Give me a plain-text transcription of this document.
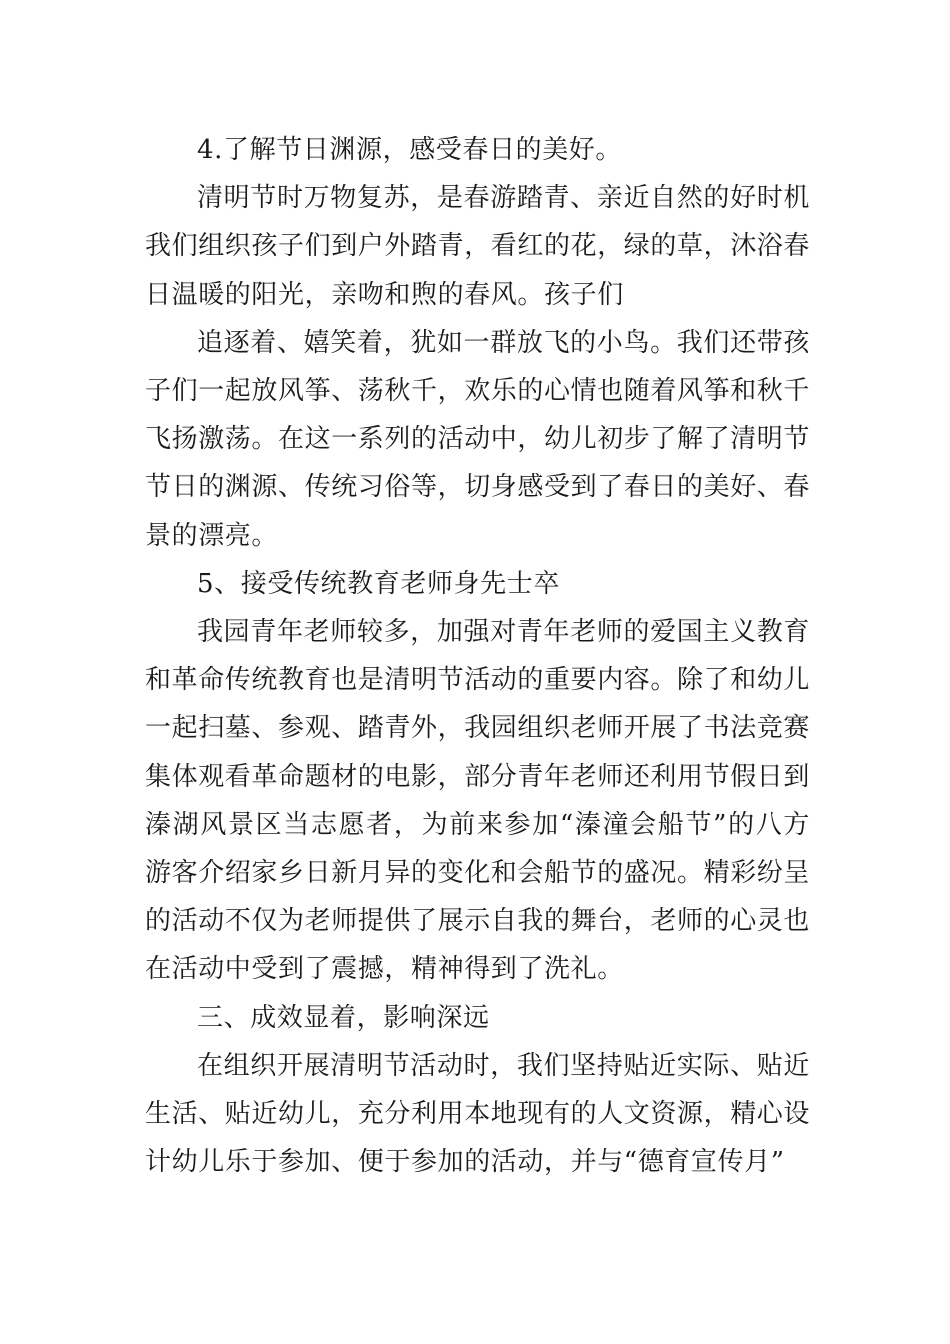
4.了解节日渊源，感受春日的美好。
清明节时万物复苏，是春游踏青、亲近自然的好时机
我们组织孩子们到户外踏青，看红的花，绿的草，沐浴春
日温暖的阳光，亲吻和煦的春风。孩子们
追逐着、嬉笑着，犹如一群放飞的小鸟。我们还带孩
子们一起放风筝、荡秋千，欢乐的心情也随着风筝和秋千
飞扬激荡。在这一系列的活动中，幼儿初步了解了清明节
节日的渊源、传统习俗等，切身感受到了春日的美好、春
景的漂亮。
5、接受传统教育老师身先士卒
我园青年老师较多，加强对青年老师的爱国主义教育
和革命传统教育也是清明节活动的重要内容。除了和幼儿
一起扫墓、参观、踏青外，我园组织老师开展了书法竞赛
集体观看革命题材的电影，部分青年老师还利用节假日到
溱湖风景区当志愿者，为前来参加“溱潼会船节”的八方
游客介绍家乡日新月异的变化和会船节的盛况。精彩纷呈
的活动不仅为老师提供了展示自我的舞台，老师的心灵也
在活动中受到了震撼，精神得到了洗礼。
三、成效显着，影响深远
在组织开展清明节活动时，我们坚持贴近实际、贴近
生活、贴近幼儿，充分利用本地现有的人文资源，精心设
计幼儿乐于参加、便于参加的活动，并与“德育宣传月”
